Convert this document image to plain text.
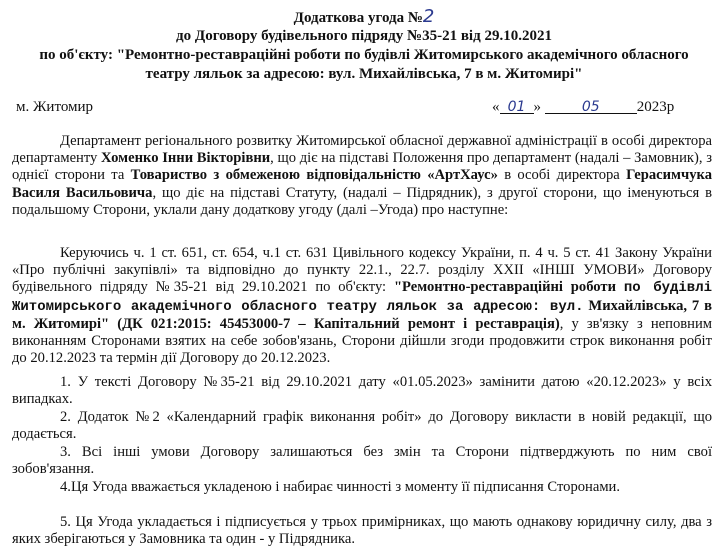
Додаткова угода №2
до Договору будівельного підряду №35-21 від 29.10.2021
по об'єкту: "Ремонтно-реставраційні роботи по будівлі Житомирського академічного обласного
театру ляльок за адресою: вул. Михайлівська, 7 в м. Житомирі"
м. Житомир	« 01 »	05 2023р
Департамент регіонального розвитку Житомирської обласної державної адміністрації в особі директора департаменту Хоменко Інни Вікторівни, що діє на підставі Положення про департамент (надалі – Замовник), з однієї сторони та Товариство з обмеженою відповідальністю «АртХаус» в особі директора Герасимчука Василя Васильовича, що діє на підставі Статуту, (надалі – Підрядник), з другої сторони, що іменуються в подальшому Сторони, уклали дану додаткову угоду (далі –Угода) про наступне:
Керуючись ч. 1 ст. 651, ст. 654, ч.1 ст. 631 Цивільного кодексу України, п. 4 ч. 5 ст. 41 Закону України «Про публічні закупівлі» та відповідно до пункту 22.1., 22.7. розділу XXII «ІНШІ УМОВИ» Договору будівельного підряду №35-21 від 29.10.2021 по об'єкту: "Ремонтно-реставраційні роботи по будівлі Житомирського академічного обласного театру ляльок за адресою: вул. Михайлівська, 7 в м. Житомирі" (ДК 021:2015: 45453000-7 – Капітальний ремонт і реставрація), у зв'язку з неповним виконанням Сторонами взятих на себе зобов'язань, Сторони дійшли згоди продовжити строк виконання робіт до 20.12.2023 та термін дії Договору до 20.12.2023.
1. У тексті Договору №35-21 від 29.10.2021 дату «01.05.2023» замінити датою «20.12.2023» у всіх випадках.
2. Додаток №2 «Календарний графік виконання робіт» до Договору викласти в новій редакції, що додається.
3. Всі інші умови Договору залишаються без змін та Сторони підтверджують по ним свої зобов'язання.
4.Ця Угода вважається укладеною і набирає чинності з моменту її підписання Сторонами.
5. Ця Угода укладається і підписується у трьох примірниках, що мають однакову юридичну силу, два з яких зберігаються у Замовника та один - у Підрядника.
